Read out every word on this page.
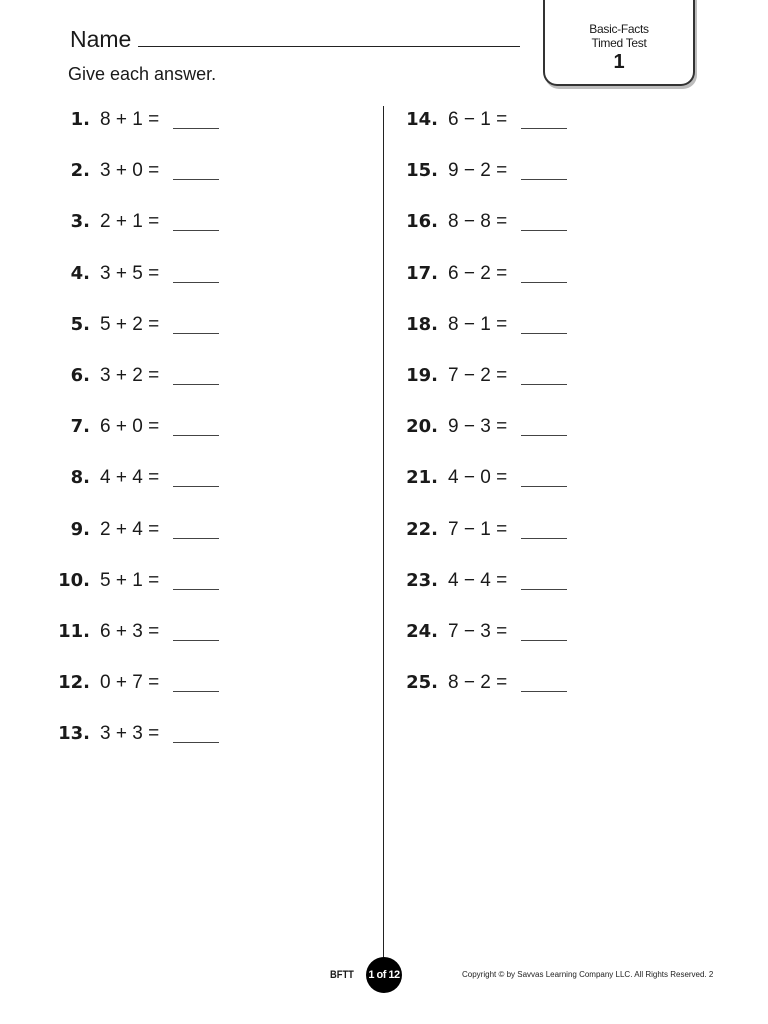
Name
Give each answer.
Basic-Facts
Timed Test
1
1. 8 + 1 =
2. 3 + 0 =
3. 2 + 1 =
4. 3 + 5 =
5. 5 + 2 =
6. 3 + 2 =
7. 6 + 0 =
8. 4 + 4 =
9. 2 + 4 =
10. 5 + 1 =
11. 6 + 3 =
12. 0 + 7 =
13. 3 + 3 =
14. 6 − 1 =
15. 9 − 2 =
16. 8 − 8 =
17. 6 − 2 =
18. 8 − 1 =
19. 7 − 2 =
20. 9 − 3 =
21. 4 − 0 =
22. 7 − 1 =
23. 4 − 4 =
24. 7 − 3 =
25. 8 − 2 =
BFTT 1 of 12	Copyright © by Savvas Learning Company LLC. All Rights Reserved. 2
